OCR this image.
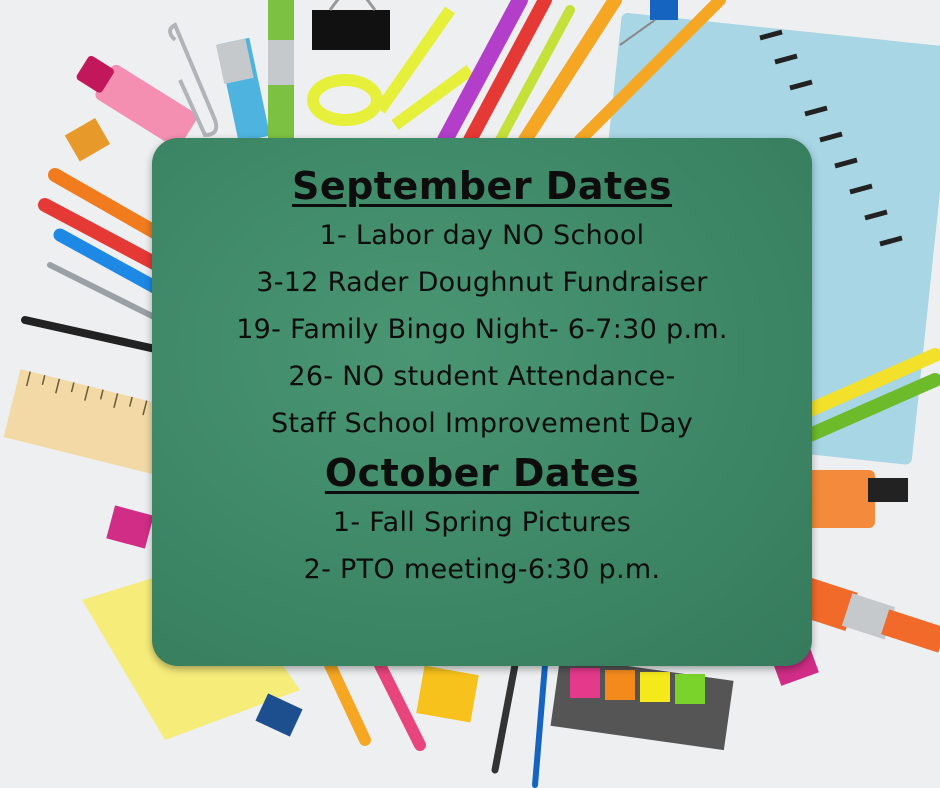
September Dates
1- Labor day NO School
3-12 Rader Doughnut Fundraiser
19- Family Bingo Night- 6-7:30 p.m.
26- NO student Attendance-
Staff School Improvement Day
October Dates
1- Fall Spring Pictures
2- PTO meeting-6:30 p.m.
